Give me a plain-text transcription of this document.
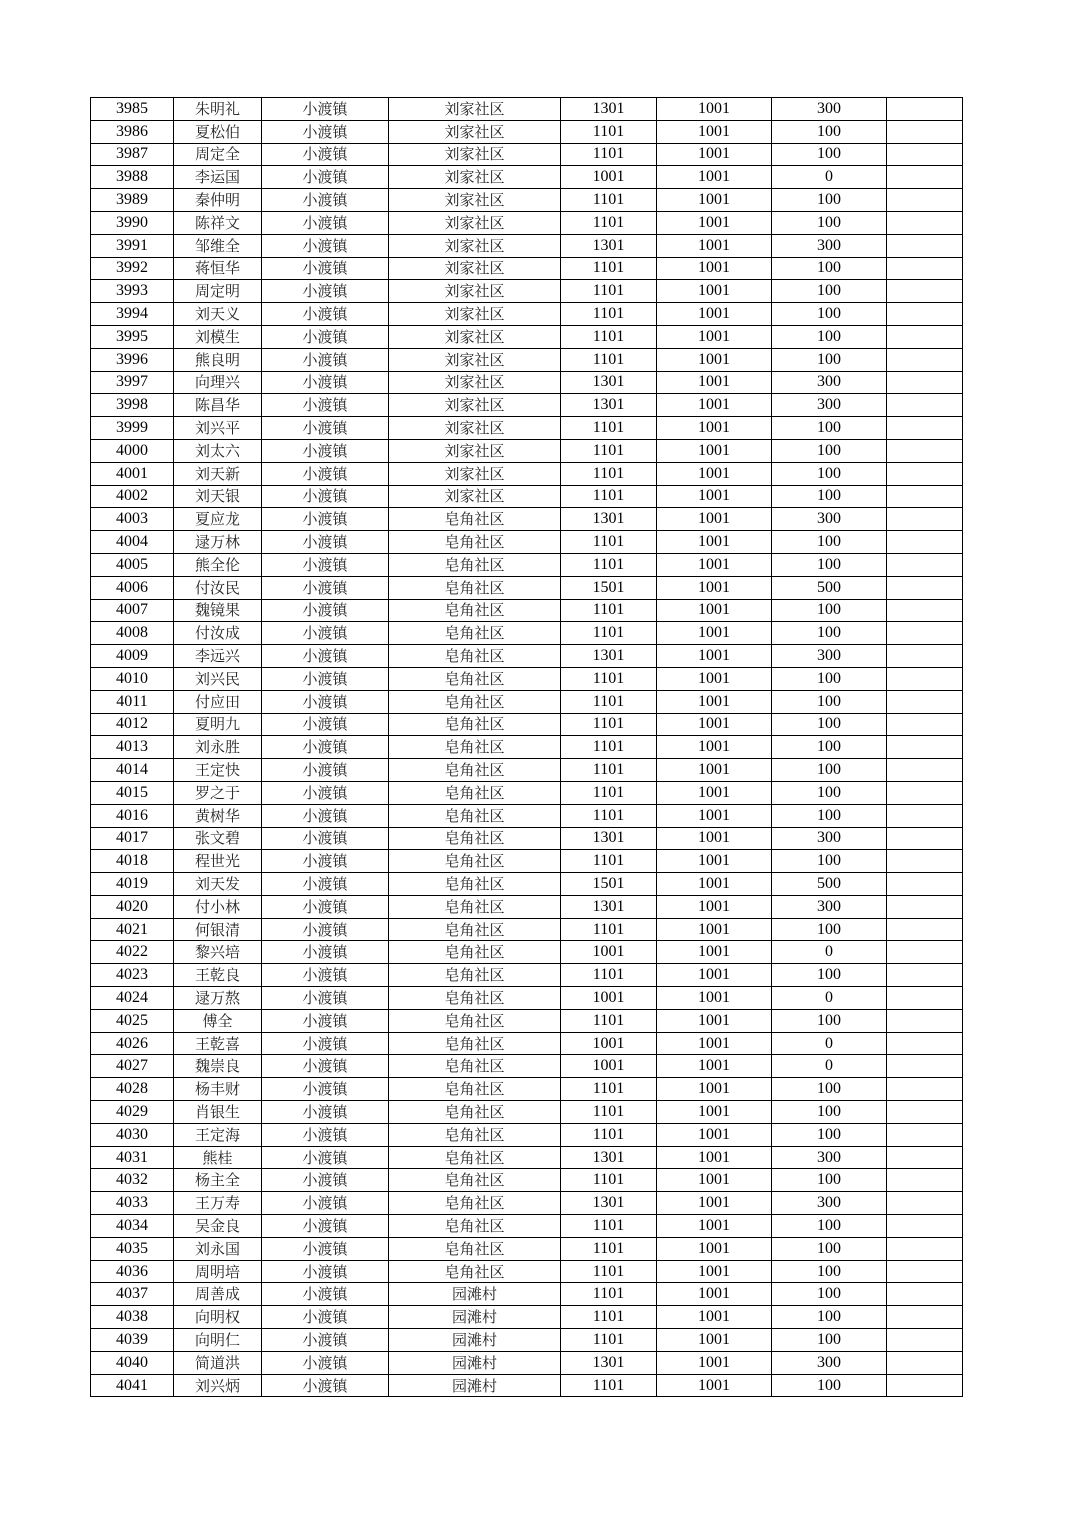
3985	朱明礼	小渡镇	刘家社区	1301	1001	300	
3986	夏松伯	小渡镇	刘家社区	1101	1001	100	
3987	周定全	小渡镇	刘家社区	1101	1001	100	
3988	李运国	小渡镇	刘家社区	1001	1001	0	
3989	秦仲明	小渡镇	刘家社区	1101	1001	100	
3990	陈祥文	小渡镇	刘家社区	1101	1001	100	
3991	邹维全	小渡镇	刘家社区	1301	1001	300	
3992	蒋恒华	小渡镇	刘家社区	1101	1001	100	
3993	周定明	小渡镇	刘家社区	1101	1001	100	
3994	刘天义	小渡镇	刘家社区	1101	1001	100	
3995	刘模生	小渡镇	刘家社区	1101	1001	100	
3996	熊良明	小渡镇	刘家社区	1101	1001	100	
3997	向理兴	小渡镇	刘家社区	1301	1001	300	
3998	陈昌华	小渡镇	刘家社区	1301	1001	300	
3999	刘兴平	小渡镇	刘家社区	1101	1001	100	
4000	刘太六	小渡镇	刘家社区	1101	1001	100	
4001	刘天新	小渡镇	刘家社区	1101	1001	100	
4002	刘天银	小渡镇	刘家社区	1101	1001	100	
4003	夏应龙	小渡镇	皂角社区	1301	1001	300	
4004	逯万林	小渡镇	皂角社区	1101	1001	100	
4005	熊全伦	小渡镇	皂角社区	1101	1001	100	
4006	付汝民	小渡镇	皂角社区	1501	1001	500	
4007	魏镜果	小渡镇	皂角社区	1101	1001	100	
4008	付汝成	小渡镇	皂角社区	1101	1001	100	
4009	李远兴	小渡镇	皂角社区	1301	1001	300	
4010	刘兴民	小渡镇	皂角社区	1101	1001	100	
4011	付应田	小渡镇	皂角社区	1101	1001	100	
4012	夏明九	小渡镇	皂角社区	1101	1001	100	
4013	刘永胜	小渡镇	皂角社区	1101	1001	100	
4014	王定快	小渡镇	皂角社区	1101	1001	100	
4015	罗之于	小渡镇	皂角社区	1101	1001	100	
4016	黄树华	小渡镇	皂角社区	1101	1001	100	
4017	张文碧	小渡镇	皂角社区	1301	1001	300	
4018	程世光	小渡镇	皂角社区	1101	1001	100	
4019	刘天发	小渡镇	皂角社区	1501	1001	500	
4020	付小林	小渡镇	皂角社区	1301	1001	300	
4021	何银清	小渡镇	皂角社区	1101	1001	100	
4022	黎兴培	小渡镇	皂角社区	1001	1001	0	
4023	王乾良	小渡镇	皂角社区	1101	1001	100	
4024	逯万熬	小渡镇	皂角社区	1001	1001	0	
4025	傅全	小渡镇	皂角社区	1101	1001	100	
4026	王乾喜	小渡镇	皂角社区	1001	1001	0	
4027	魏崇良	小渡镇	皂角社区	1001	1001	0	
4028	杨丰财	小渡镇	皂角社区	1101	1001	100	
4029	肖银生	小渡镇	皂角社区	1101	1001	100	
4030	王定海	小渡镇	皂角社区	1101	1001	100	
4031	熊桂	小渡镇	皂角社区	1301	1001	300	
4032	杨主全	小渡镇	皂角社区	1101	1001	100	
4033	王万寿	小渡镇	皂角社区	1301	1001	300	
4034	吴金良	小渡镇	皂角社区	1101	1001	100	
4035	刘永国	小渡镇	皂角社区	1101	1001	100	
4036	周明培	小渡镇	皂角社区	1101	1001	100	
4037	周善成	小渡镇	园滩村	1101	1001	100	
4038	向明权	小渡镇	园滩村	1101	1001	100	
4039	向明仁	小渡镇	园滩村	1101	1001	100	
4040	简道洪	小渡镇	园滩村	1301	1001	300	
4041	刘兴炳	小渡镇	园滩村	1101	1001	100	
